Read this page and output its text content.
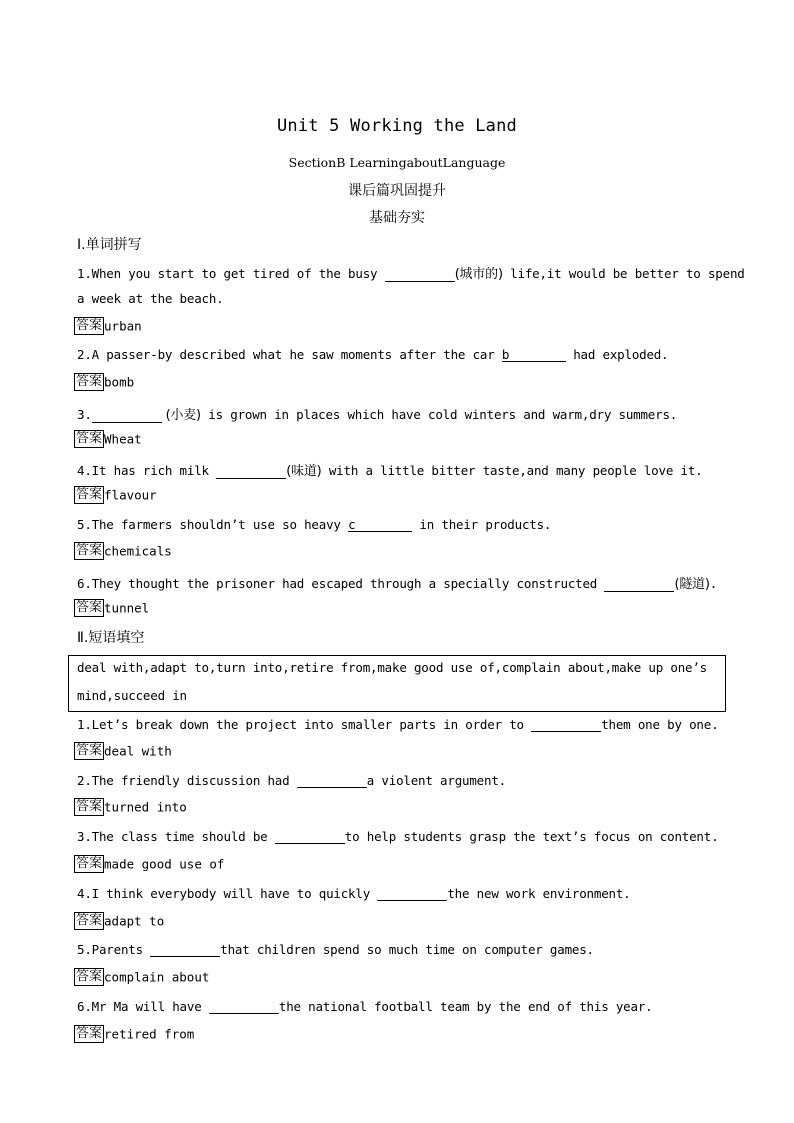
Unit 5 Working the Land
SectionB LearningaboutLanguage
课后篇巩固提升
基础夯实
Ⅰ.单词拼写
1.When you start to get tired of the busy	(城市的) life,it would be better to spend
a week at the beach.
答案 urban
2.A passer-by described what he saw moments after the car b	had exploded.
答案 bomb
3.	(小麦) is grown in places which have cold winters and warm,dry summers.
答案 Wheat
4.It has rich milk	(味道) with a little bitter taste,and many people love it.
答案 flavour
5.The farmers shouldn’t use so heavy c	in their products.
答案 chemicals
6.They thought the prisoner had escaped through a specially constructed	(隧道).
答案 tunnel
Ⅱ.短语填空
deal with,adapt to,turn into,retire from,make good use of,complain about,make up one’s
mind,succeed in
1.Let’s break down the project into smaller parts in order to	them one by one.
答案 deal with
2.The friendly discussion had	a violent argument.
答案 turned into
3.The class time should be	to help students grasp the text’s focus on content.
答案 made good use of
4.I think everybody will have to quickly	the new work environment.
答案 adapt to
5.Parents	that children spend so much time on computer games.
答案 complain about
6.Mr Ma will have	the national football team by the end of this year.
答案 retired from
